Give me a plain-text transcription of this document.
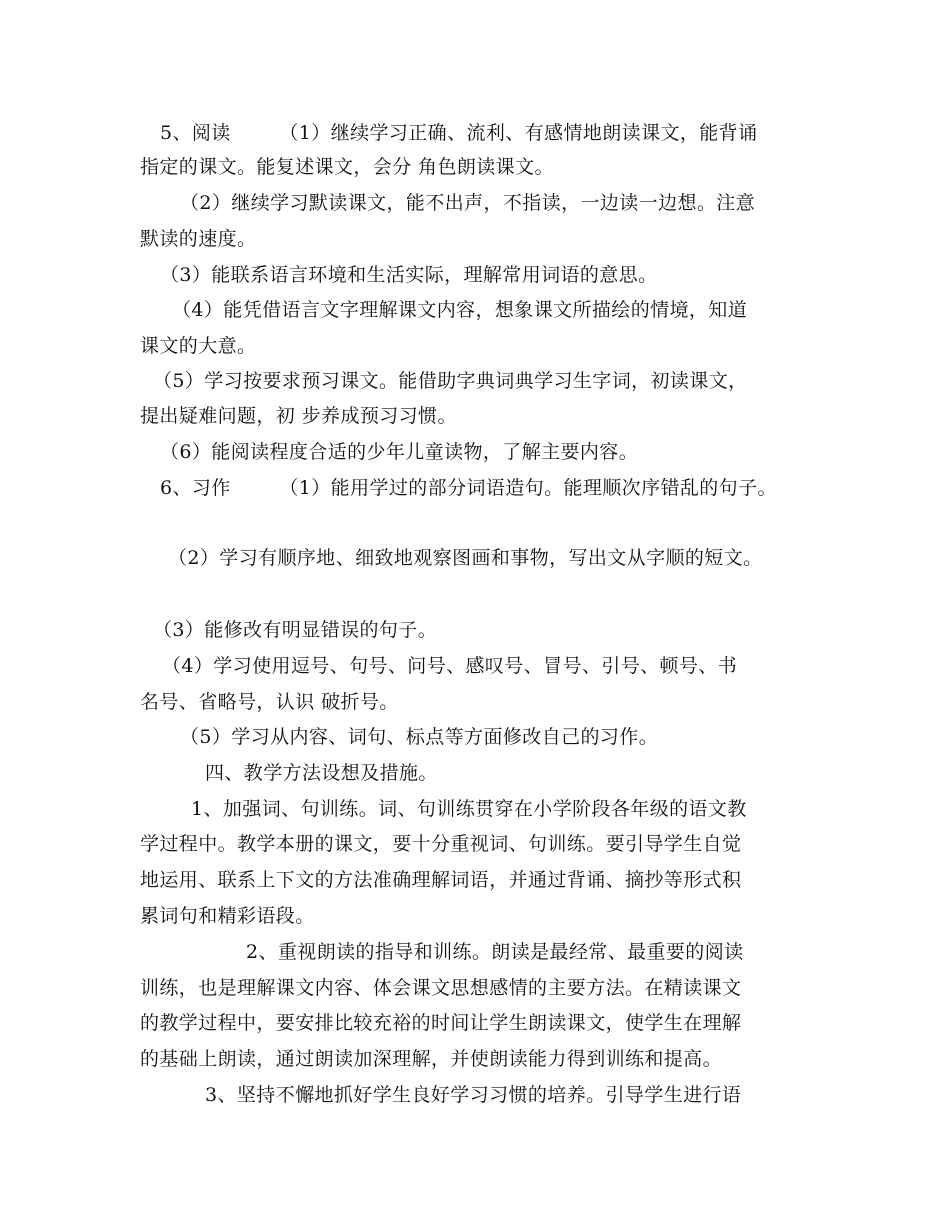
5、阅读　　　（1）继续学习正确、流利、有感情地朗读课文，能背诵
指定的课文。能复述课文，会分 角色朗读课文。
（2）继续学习默读课文，能不出声，不指读，一边读一边想。注意
默读的速度。
（3）能联系语言环境和生活实际，理解常用词语的意思。
（4）能凭借语言文字理解课文内容，想象课文所描绘的情境，知道
课文的大意。
（5）学习按要求预习课文。能借助字典词典学习生字词，初读课文，
提出疑难问题，初 步养成预习习惯。
（6）能阅读程度合适的少年儿童读物，了解主要内容。
6、习作　　　（1）能用学过的部分词语造句。能理顺次序错乱的句子。
（2）学习有顺序地、细致地观察图画和事物，写出文从字顺的短文。
（3）能修改有明显错误的句子。
（4）学习使用逗号、句号、问号、感叹号、冒号、引号、顿号、书
名号、省略号，认识 破折号。
（5）学习从内容、词句、标点等方面修改自己的习作。
四、教学方法设想及措施。
1、加强词、句训练。词、句训练贯穿在小学阶段各年级的语文教
学过程中。教学本册的课文，要十分重视词、句训练。要引导学生自觉
地运用、联系上下文的方法准确理解词语，并通过背诵、摘抄等形式积
累词句和精彩语段。
2、重视朗读的指导和训练。朗读是最经常、最重要的阅读
训练，也是理解课文内容、体会课文思想感情的主要方法。在精读课文
的教学过程中，要安排比较充裕的时间让学生朗读课文，使学生在理解
的基础上朗读，通过朗读加深理解，并使朗读能力得到训练和提高。
3、坚持不懈地抓好学生良好学习习惯的培养。引导学生进行语
